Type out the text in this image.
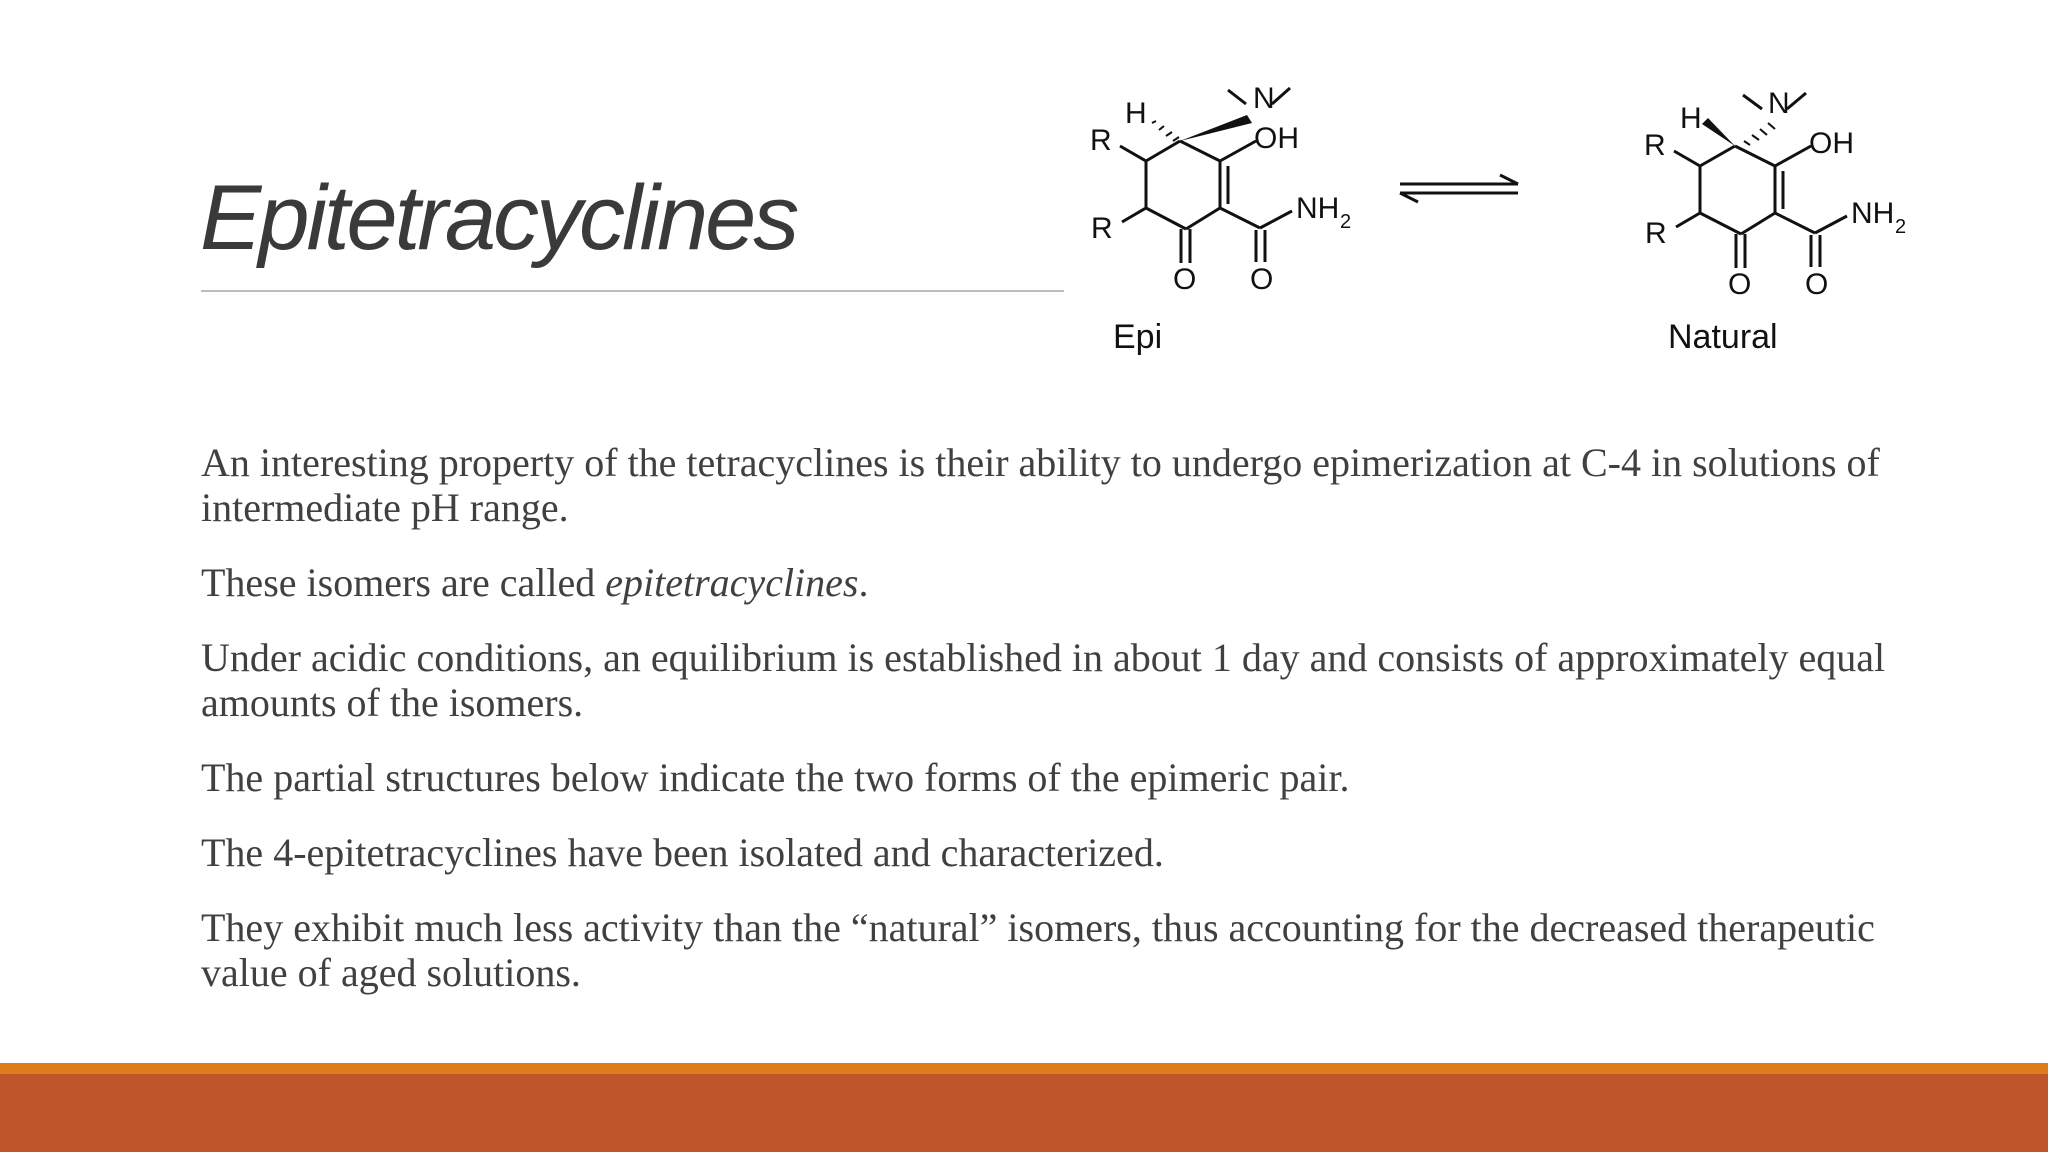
Epitetracyclines
N
H
R
R
OH
NH 2
O O
Epi
N
H
R
R
OH
NH 2
O O
Natural

An interesting property of the tetracyclines is their ability to undergo epimerization at C-4 in solutions of intermediate pH range.

These isomers are called epitetracyclines.

Under acidic conditions, an equilibrium is established in about 1 day and consists of approximately equal amounts of the isomers.

The partial structures below indicate the two forms of the epimeric pair.

The 4-epitetracyclines have been isolated and characterized.

They exhibit much less activity than the “natural” isomers, thus accounting for the decreased therapeutic value of aged solutions.
